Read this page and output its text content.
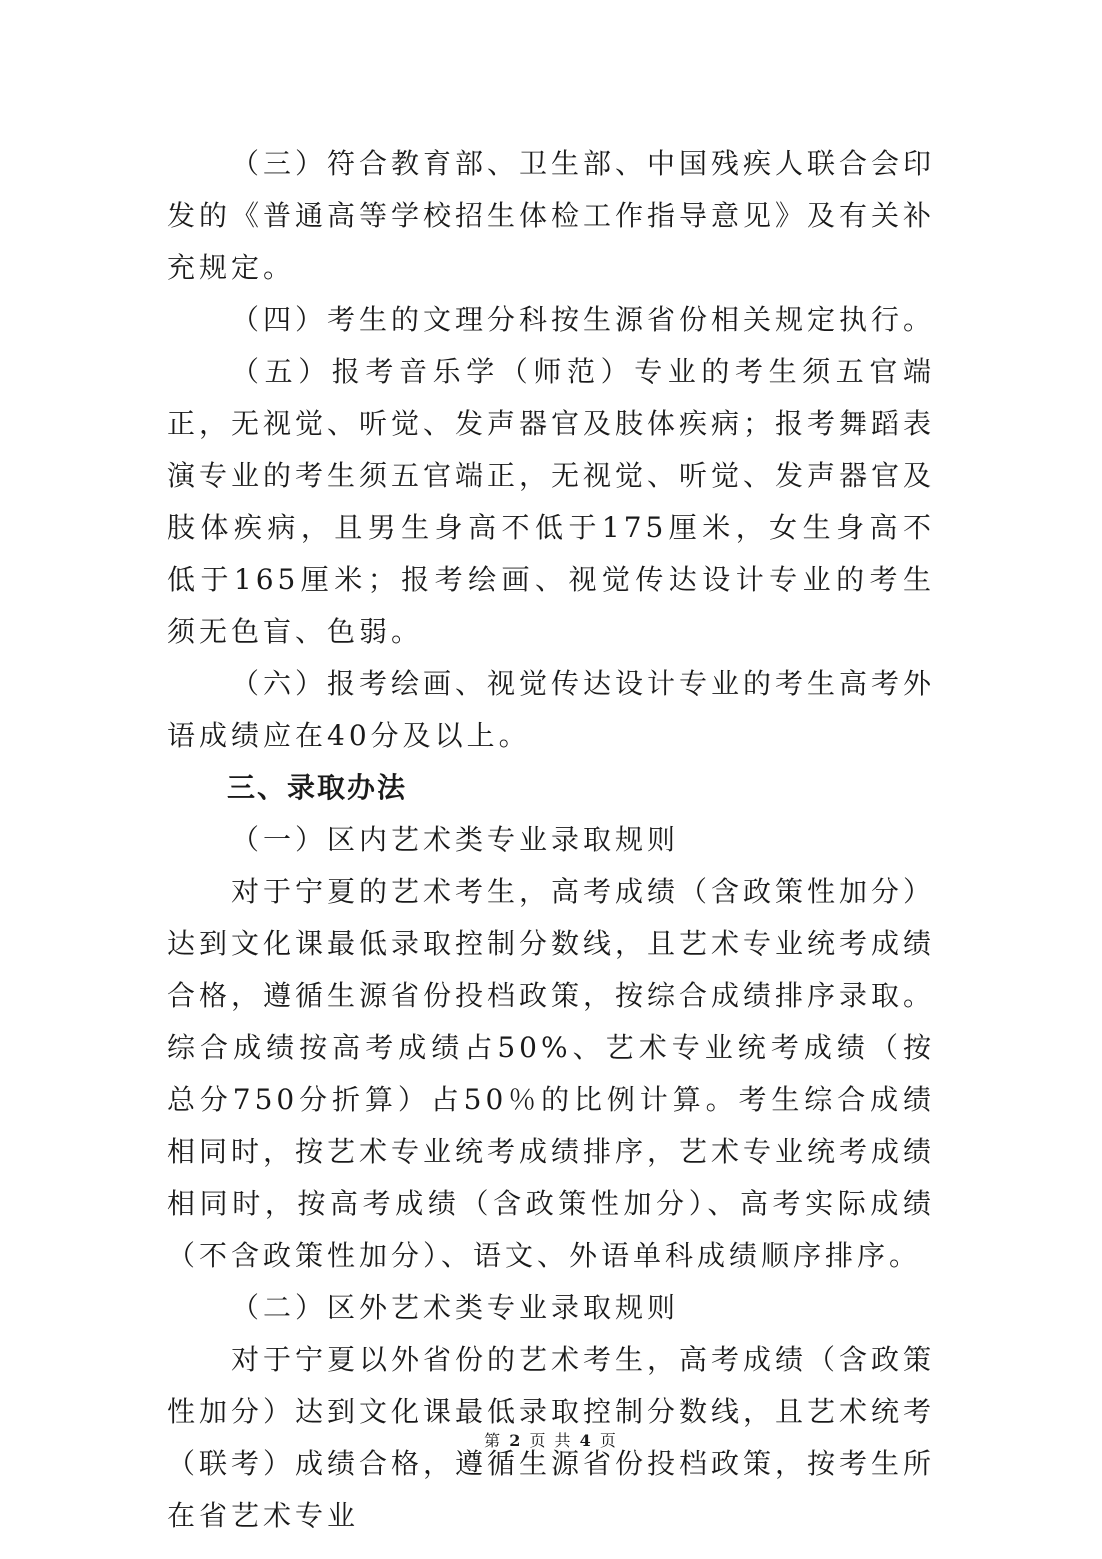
（三）符合教育部、卫生部、中国残疾人联合会印发的《普通高等学校招生体检工作指导意见》及有关补充规定。

（四）考生的文理分科按生源省份相关规定执行。

（五）报考音乐学（师范）专业的考生须五官端正，无视觉、听觉、发声器官及肢体疾病；报考舞蹈表演专业的考生须五官端正，无视觉、听觉、发声器官及肢体疾病，且男生身高不低于175厘米，女生身高不低于165厘米；报考绘画、视觉传达设计专业的考生须无色盲、色弱。

（六）报考绘画、视觉传达设计专业的考生高考外语成绩应在40分及以上。

三、录取办法

（一）区内艺术类专业录取规则

对于宁夏的艺术考生，高考成绩（含政策性加分）达到文化课最低录取控制分数线，且艺术专业统考成绩合格，遵循生源省份投档政策，按综合成绩排序录取。综合成绩按高考成绩占50%、艺术专业统考成绩（按总分750分折算）占50％的比例计算。考生综合成绩相同时，按艺术专业统考成绩排序，艺术专业统考成绩相同时，按高考成绩（含政策性加分）、高考实际成绩（不含政策性加分）、语文、外语单科成绩顺序排序。

（二）区外艺术类专业录取规则

对于宁夏以外省份的艺术考生，高考成绩（含政策性加分）达到文化课最低录取控制分数线，且艺术统考（联考）成绩合格，遵循生源省份投档政策，按考生所在省艺术专业

第 2 页 共 4 页
